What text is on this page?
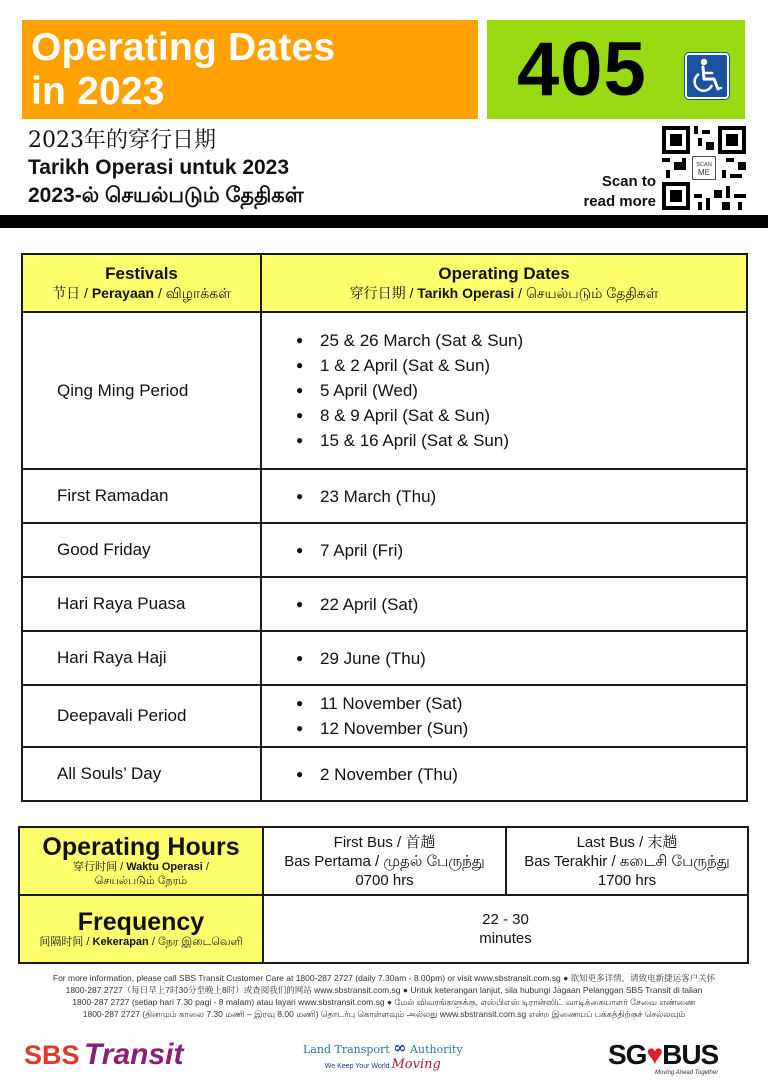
Operating Dates
in 2023	405
2023年的穿行日期
Tarikh Operasi untuk 2023
2023-ல் செயல்படும் தேதிகள்
Scan to
read more
SCAN
ME
Festivals
节日 / Perayaan / விழாக்கள்

Operating Dates
穿行日期 / Tarikh Operasi / செயல்படும் தேதிகள்

Qing Ming Period	
● 25 & 26 March (Sat & Sun)
● 1 & 2 April (Sat & Sun)
● 5 April (Wed)
● 8 & 9 April (Sat & Sun)
● 15 & 16 April (Sat & Sun)

First Ramadan	
●23 March (Thu)

Good Friday	
●7 April (Fri)

Hari Raya Puasa	
●22 April (Sat)

Hari Raya Haji	
●29 June (Thu)

Deepavali Period	
● 11 November (Sat)
● 12 November (Sun)

All Souls’ Day	
●2 November (Thu)
Operating Hours
穿行时间 / Waktu Operasi /
செயல்படும் நேரம்

First Bus / 首趟
Bas Pertama / முதல் பேருந்து
0700 hrs

Last Bus / 末趟
Bas Terakhir / கடைசி பேருந்து
1700 hrs

Frequency
间隔时间 / Kekerapan / நேர இடைவெளி

22 - 30
minutes
For more information, please call SBS Transit Customer Care at 1800-287 2727 (daily 7.30am - 8.00pm) or visit www.sbstransit.com.sg ● 欲知更多详情，请致电新捷运客户关怀
1800-287 2727（每日早上7时30分至晚上8时）或查阅我们的网站 www.sbstransit.com.sg ● Untuk keterangan lanjut, sila hubungi Jagaan Pelanggan SBS Transit di talian
1800-287 2727 (setiap hari 7.30 pagi - 8 malam) atau layari www.sbstransit.com.sg ● மேல் விவரங்களுக்கு, எஸ்பிஎஸ் டிரான்ஸிட் வாடிக்கையாளர் சேவை எண்ணை
1800-287 2727 (தினமும் காலை 7.30 மணி – இரவு 8.00 மணி) தொடர்பு கொள்ளவும் அல்லது www.sbstransit.com.sg என்ற இணையப் பக்கத்திற்குச் செல்லவும்
SBS Transit	Land Transport ∞ Authority
We Keep Your World Moving	SG♥BUS
Moving Ahead Together
